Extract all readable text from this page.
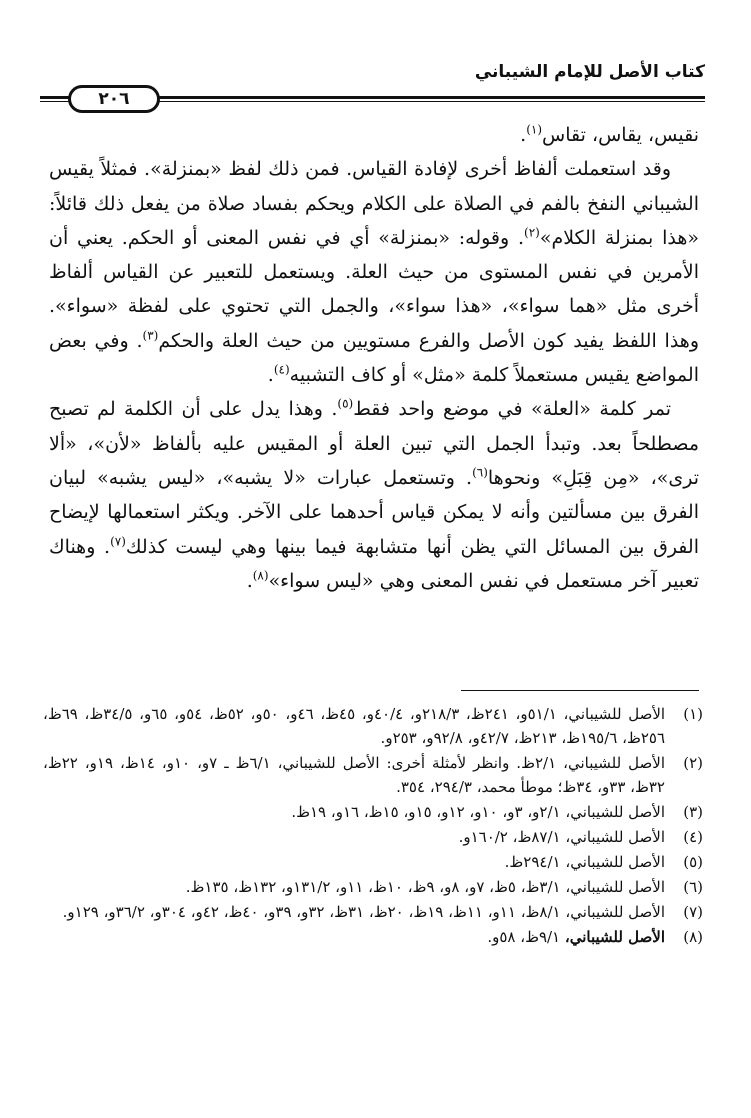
كتاب الأصل للإمام الشيباني
٢٠٦

نقيس، يقاس، تقاس$^{(١)}$.

وقد استعملت ألفاظ أخرى لإفادة القياس. فمن ذلك لفظ «بمنزلة». فمثلاً يقيس الشيباني النفخ بالفم في الصلاة على الكلام ويحكم بفساد صلاة من يفعل ذلك قائلاً: «هذا بمنزلة الكلام»$^{(٢)}$. وقوله: «بمنزلة» أي في نفس المعنى أو الحكم. يعني أن الأمرين في نفس المستوى من حيث العلة. ويستعمل للتعبير عن القياس ألفاظ أخرى مثل «هما سواء»، «هذا سواء»، والجمل التي تحتوي على لفظة «سواء». وهذا اللفظ يفيد كون الأصل والفرع مستويين من حيث العلة والحكم$^{(٣)}$. وفي بعض المواضع يقيس مستعملاً كلمة «مثل» أو كاف التشبيه$^{(٤)}$.

تمر كلمة «العلة» في موضع واحد فقط$^{(٥)}$. وهذا يدل على أن الكلمة لم تصبح مصطلحاً بعد. وتبدأ الجمل التي تبين العلة أو المقيس عليه بألفاظ «لأن»، «ألا ترى»، «مِن قِبَلِ» ونحوها$^{(٦)}$. وتستعمل عبارات «لا يشبه»، «ليس يشبه» لبيان الفرق بين مسألتين وأنه لا يمكن قياس أحدهما على الآخر. ويكثر استعمالها لإيضاح الفرق بين المسائل التي يظن أنها متشابهة فيما بينها وهي ليست كذلك$^{(٧)}$. وهناك تعبير آخر مستعمل في نفس المعنى وهي «ليس سواء»$^{(٨)}$.

(١)
الأصل للشيباني، ٥١/١و، ٢٤١ظ، ٢١٨/٣و، ٤٠/٤و، ٤٥ظ، ٤٦و، ٥٠و، ٥٢ظ، ٥٤و، ٦٥و، ٣٤/٥ظ، ٦٩ظ، ٢٥٦ظ، ١٩٥/٦ظ، ٢١٣ظ، ٤٢/٧و، ٩٢/٨و، ٢٥٣و.
(٢)
الأصل للشيباني، ٢/١ظ. وانظر لأمثلة أخرى: الأصل للشيباني، ٦/١ظ ـ ٧و، ١٠و، ١٤ظ، ١٩و، ٢٢ظ، ٣٢ظ، ٣٣و، ٣٤ظ؛ موطأ محمد، ٢٩٤/٣، ٣٥٤.
(٣)
الأصل للشيباني، ٢/١و، ٣و، ١٠و، ١٢و، ١٥و، ١٥ظ، ١٦و، ١٩ظ.
(٤)
الأصل للشيباني، ٨٧/١ظ، ١٦٠/٢و.
(٥)
الأصل للشيباني، ٢٩٤/١ظ.
(٦)
الأصل للشيباني، ٣/١ظ، ٥ظ، ٧و، ٨و، ٩ظ، ١٠ظ، ١١و، ١٣١/٢و، ١٣٢ظ، ١٣٥ظ.
(٧)
الأصل للشيباني، ٨/١ظ، ١١و، ١١ظ، ١٩ظ، ٢٠ظ، ٣١ظ، ٣٢و، ٣٩و، ٤٠ظ، ٤٢و، ٣٠٤و، ٣٦/٢و، ١٢٩و.
(٨)
الأصل للشيباني، ٩/١ظ، ٥٨و.
